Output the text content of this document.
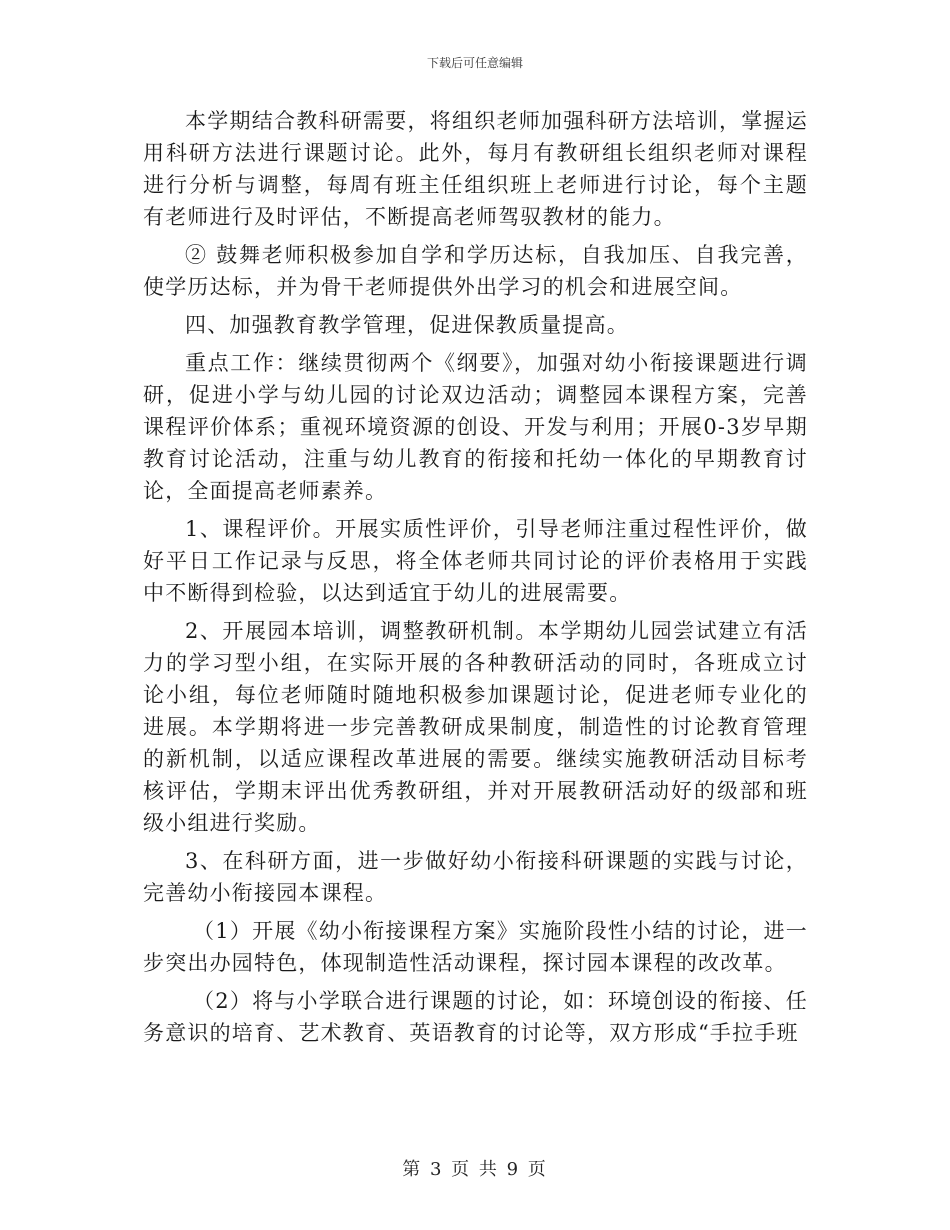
下载后可任意编辑

本学期结合教科研需要，将组织老师加强科研方法培训，掌握运用科研方法进行课题讨论。此外，每月有教研组长组织老师对课程进行分析与调整，每周有班主任组织班上老师进行讨论，每个主题有老师进行及时评估，不断提高老师驾驭教材的能力。

② 鼓舞老师积极参加自学和学历达标，自我加压、自我完善，使学历达标，并为骨干老师提供外出学习的机会和进展空间。

四、加强教育教学管理，促进保教质量提高。

重点工作：继续贯彻两个《纲要》，加强对幼小衔接课题进行调研，促进小学与幼儿园的讨论双边活动；调整园本课程方案，完善课程评价体系；重视环境资源的创设、开发与利用；开展0-3岁早期教育讨论活动，注重与幼儿教育的衔接和托幼一体化的早期教育讨论，全面提高老师素养。

1、课程评价。开展实质性评价，引导老师注重过程性评价，做好平日工作记录与反思，将全体老师共同讨论的评价表格用于实践中不断得到检验，以达到适宜于幼儿的进展需要。

2、开展园本培训，调整教研机制。本学期幼儿园尝试建立有活力的学习型小组，在实际开展的各种教研活动的同时，各班成立讨论小组，每位老师随时随地积极参加课题讨论，促进老师专业化的进展。本学期将进一步完善教研成果制度，制造性的讨论教育管理的新机制，以适应课程改革进展的需要。继续实施教研活动目标考核评估，学期末评出优秀教研组，并对开展教研活动好的级部和班级小组进行奖励。

3、在科研方面，进一步做好幼小衔接科研课题的实践与讨论，完善幼小衔接园本课程。

（1）开展《幼小衔接课程方案》实施阶段性小结的讨论，进一步突出办园特色，体现制造性活动课程，探讨园本课程的改改革。

（2）将与小学联合进行课题的讨论，如：环境创设的衔接、任务意识的培育、艺术教育、英语教育的讨论等，双方形成“手拉手班

第 3 页 共 9 页
